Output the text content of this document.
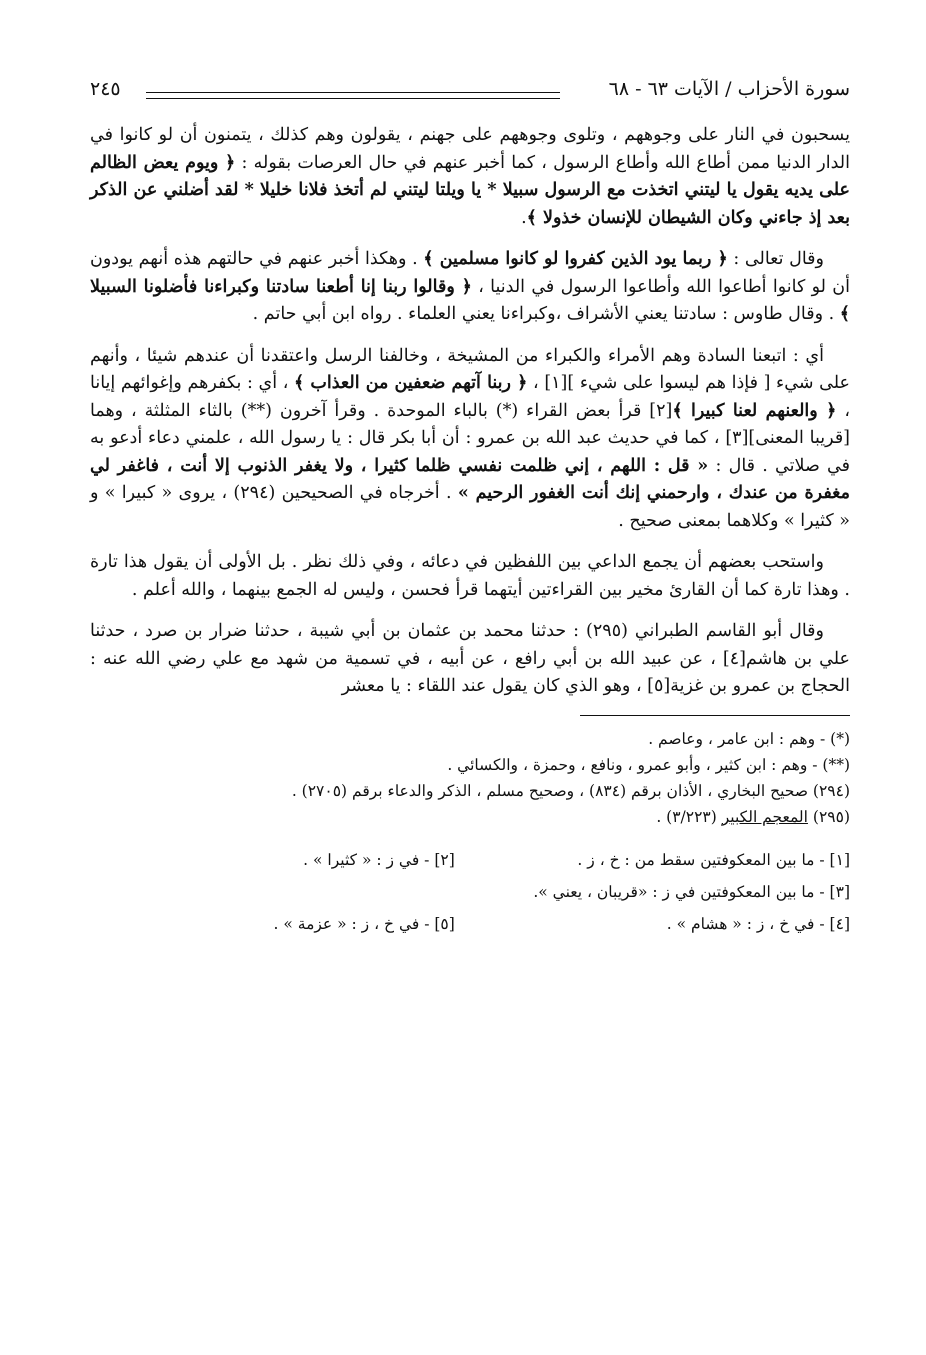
سورة الأحزاب / الآيات ٦٣ - ٦٨
٢٤٥

يسحبون في النار على وجوههم ، وتلوى وجوههم على جهنم ، يقولون وهم كذلك ، يتمنون أن لو كانوا في الدار الدنيا ممن أطاع الله وأطاع الرسول ، كما أخبر عنهم في حال العرصات بقوله : ﴿ ويوم يعض الظالم على يديه يقول يا ليتني اتخذت مع الرسول سبيلا * يا ويلتا ليتني لم أتخذ فلانا خليلا * لقد أضلني عن الذكر بعد إذ جاءني وكان الشيطان للإنسان خذولا ﴾.

وقال تعالى : ﴿ ربما يود الذين كفروا لو كانوا مسلمين ﴾ . وهكذا أخبر عنهم في حالتهم هذه أنهم يودون أن لو كانوا أطاعوا الله وأطاعوا الرسول في الدنيا ، ﴿ وقالوا ربنا إنا أطعنا سادتنا وكبراءنا فأضلونا السبيلا ﴾ . وقال طاوس : سادتنا يعني الأشراف ،وكبراءنا يعني العلماء . رواه ابن أبي حاتم .

أي : اتبعنا السادة وهم الأمراء والكبراء من المشيخة ، وخالفنا الرسل واعتقدنا أن عندهم شيئا ، وأنهم على شيء [ فإذا هم ليسوا على شيء ][١] ، ﴿ ربنا آتهم ضعفين من العذاب ﴾ ، أي : بكفرهم وإغوائهم إيانا ، ﴿ والعنهم لعنا كبيرا ﴾[٢] قرأ بعض القراء (*) بالباء الموحدة . وقرأ آخرون (**) بالثاء المثلثة ، وهما [قريبا المعنى][٣] ، كما في حديث عبد الله بن عمرو : أن أبا بكر قال : يا رسول الله ، علمني دعاء أدعو به في صلاتي . قال : « قل : اللهم ، إني ظلمت نفسي ظلما كثيرا ، ولا يغفر الذنوب إلا أنت ، فاغفر لي مغفرة من عندك ، وارحمني إنك أنت الغفور الرحيم » . أخرجاه في الصحيحين (٢٩٤) ، يروى « كبيرا » و « كثيرا » وكلاهما بمعنى صحيح .

واستحب بعضهم أن يجمع الداعي بين اللفظين في دعائه ، وفي ذلك نظر . بل الأولى أن يقول هذا تارة . وهذا تارة كما أن القارئ مخير بين القراءتين أيتهما قرأ فحسن ، وليس له الجمع بينهما ، والله أعلم .

وقال أبو القاسم الطبراني (٢٩٥) : حدثنا محمد بن عثمان بن أبي شيبة ، حدثنا ضرار بن صرد ، حدثنا علي بن هاشم[٤] ، عن عبيد الله بن أبي رافع ، عن أبيه ، في تسمية من شهد مع علي رضي الله عنه : الحجاج بن عمرو بن غزية[٥] ، وهو الذي كان يقول عند اللقاء : يا معشر

(*) - وهم : ابن عامر ، وعاصم .

(**) - وهم : ابن كثير ، وأبو عمرو ، ونافع ، وحمزة ، والكسائي .

(٢٩٤) صحيح البخاري ، الأذان برقم (٨٣٤) ، وصحيح مسلم ، الذكر والدعاء برقم (٢٧٠٥) .

(٢٩٥) المعجم الكبير (٣/٢٢٣) .

[١] - ما بين المعكوفتين سقط من : خ ، ز .
[٢] - في ز : « كثيرا » .
[٣] - ما بين المعكوفتين في ز : «قريبان ، يعني ».
[٤] - في خ ، ز : « هشام » .
[٥] - في خ ، ز : « عزمة » .
